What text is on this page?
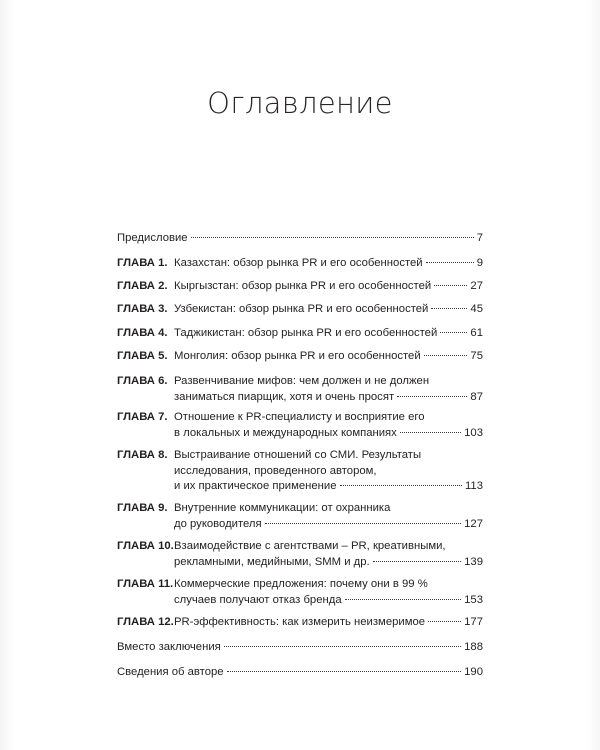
Оглавление
Предисловие	7
ГЛАВА 1. Казахстан: обзор рынка PR и его особенностей	9
ГЛАВА 2. Кыргызстан: обзор рынка PR и его особенностей	27
ГЛАВА 3. Узбекистан: обзор рынка PR и его особенностей	45
ГЛАВА 4. Таджикистан: обзор рынка PR и его особенностей	61
ГЛАВА 5. Монголия: обзор рынка PR и его особенностей	75
ГЛАВА 6. Развенчивание мифов: чем должен и не должен
заниматься пиарщик, хотя и очень просят	87
ГЛАВА 7. Отношение к PR-специалисту и восприятие его
в локальных и международных компаниях	103
ГЛАВА 8. Выстраивание отношений со СМИ. Результаты
исследования, проведенного автором,
и их практическое применение	113
ГЛАВА 9. Внутренние коммуникации: от охранника
до руководителя	127
ГЛАВА 10. Взаимодействие с агентствами – PR, креативными,
рекламными, медийными, SMM и др.	139
ГЛАВА 11. Коммерческие предложения: почему они в 99 %
случаев получают отказ бренда	153
ГЛАВА 12. PR-эффективность: как измерить неизмеримое	177
Вместо заключения	188
Сведения об авторе	190
